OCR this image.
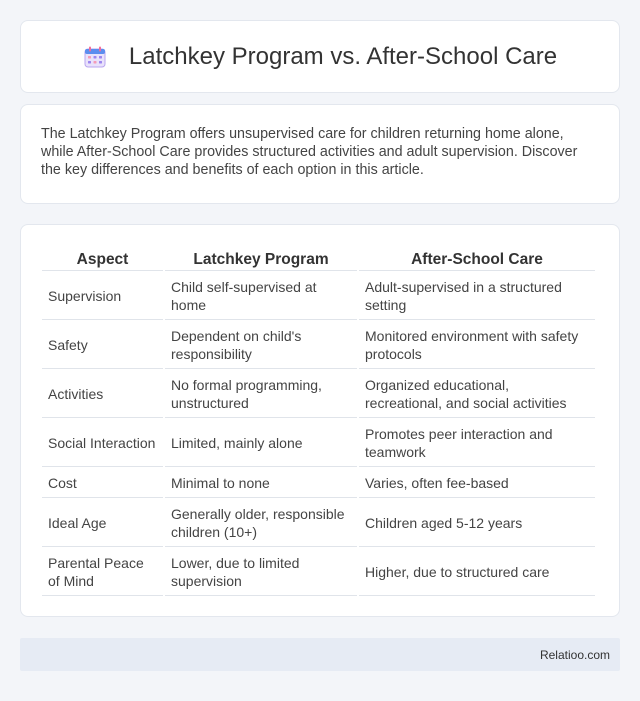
Latchkey Program vs. After-School Care

The Latchkey Program offers unsupervised care for children returning home alone, while After-School Care provides structured activities and adult supervision. Discover the key differences and benefits of each option in this article.

Aspect	Latchkey Program	After-School Care
Supervision	Child self-supervised at home	Adult-supervised in a structured setting
Safety	Dependent on child's responsibility	Monitored environment with safety protocols
Activities	No formal programming, unstructured	Organized educational, recreational, and social activities
Social Interaction	Limited, mainly alone	Promotes peer interaction and teamwork
Cost	Minimal to none	Varies, often fee-based
Ideal Age	Generally older, responsible children (10+)	Children aged 5-12 years
Parental Peace of Mind	Lower, due to limited supervision	Higher, due to structured care
Relatioo.com
